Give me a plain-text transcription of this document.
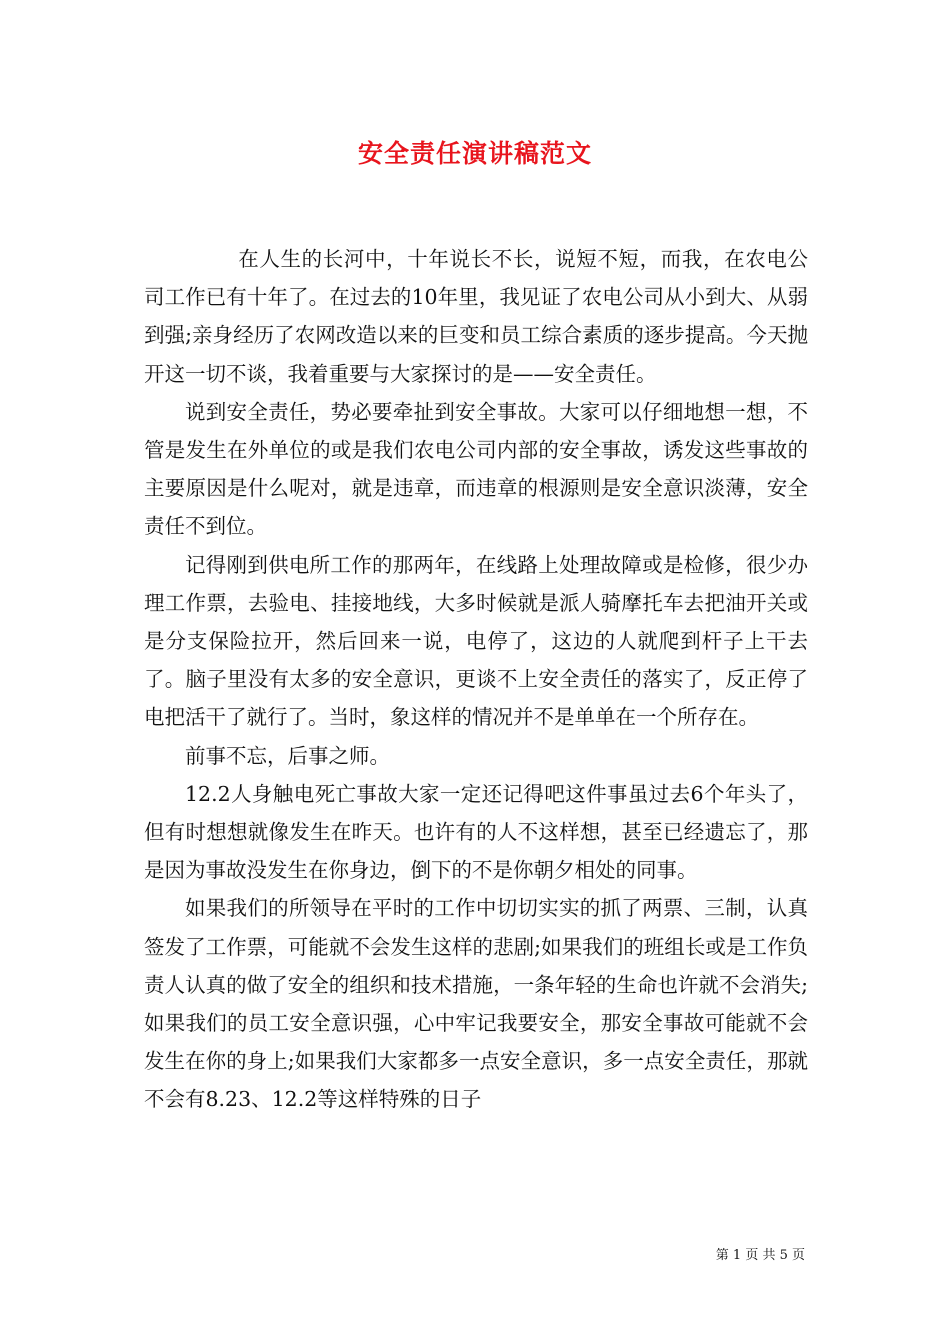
安全责任演讲稿范文

在人生的长河中，十年说长不长，说短不短，而我，在农电公司工作已有十年了。在过去的10年里，我见证了农电公司从小到大、从弱到强;亲身经历了农网改造以来的巨变和员工综合素质的逐步提高。今天抛开这一切不谈，我着重要与大家探讨的是——安全责任。

说到安全责任，势必要牵扯到安全事故。大家可以仔细地想一想，不管是发生在外单位的或是我们农电公司内部的安全事故，诱发这些事故的主要原因是什么呢对，就是违章，而违章的根源则是安全意识淡薄，安全责任不到位。

记得刚到供电所工作的那两年，在线路上处理故障或是检修，很少办理工作票，去验电、挂接地线，大多时候就是派人骑摩托车去把油开关或是分支保险拉开，然后回来一说，电停了，这边的人就爬到杆子上干去了。脑子里没有太多的安全意识，更谈不上安全责任的落实了，反正停了电把活干了就行了。当时，象这样的情况并不是单单在一个所存在。

前事不忘，后事之师。

12.2人身触电死亡事故大家一定还记得吧这件事虽过去6个年头了，但有时想想就像发生在昨天。也许有的人不这样想，甚至已经遗忘了，那是因为事故没发生在你身边，倒下的不是你朝夕相处的同事。

如果我们的所领导在平时的工作中切切实实的抓了两票、三制，认真签发了工作票，可能就不会发生这样的悲剧;如果我们的班组长或是工作负责人认真的做了安全的组织和技术措施，一条年轻的生命也许就不会消失;如果我们的员工安全意识强，心中牢记我要安全，那安全事故可能就不会发生在你的身上;如果我们大家都多一点安全意识，多一点安全责任，那就不会有8.23、12.2等这样特殊的日子

第 1 页 共 5 页
